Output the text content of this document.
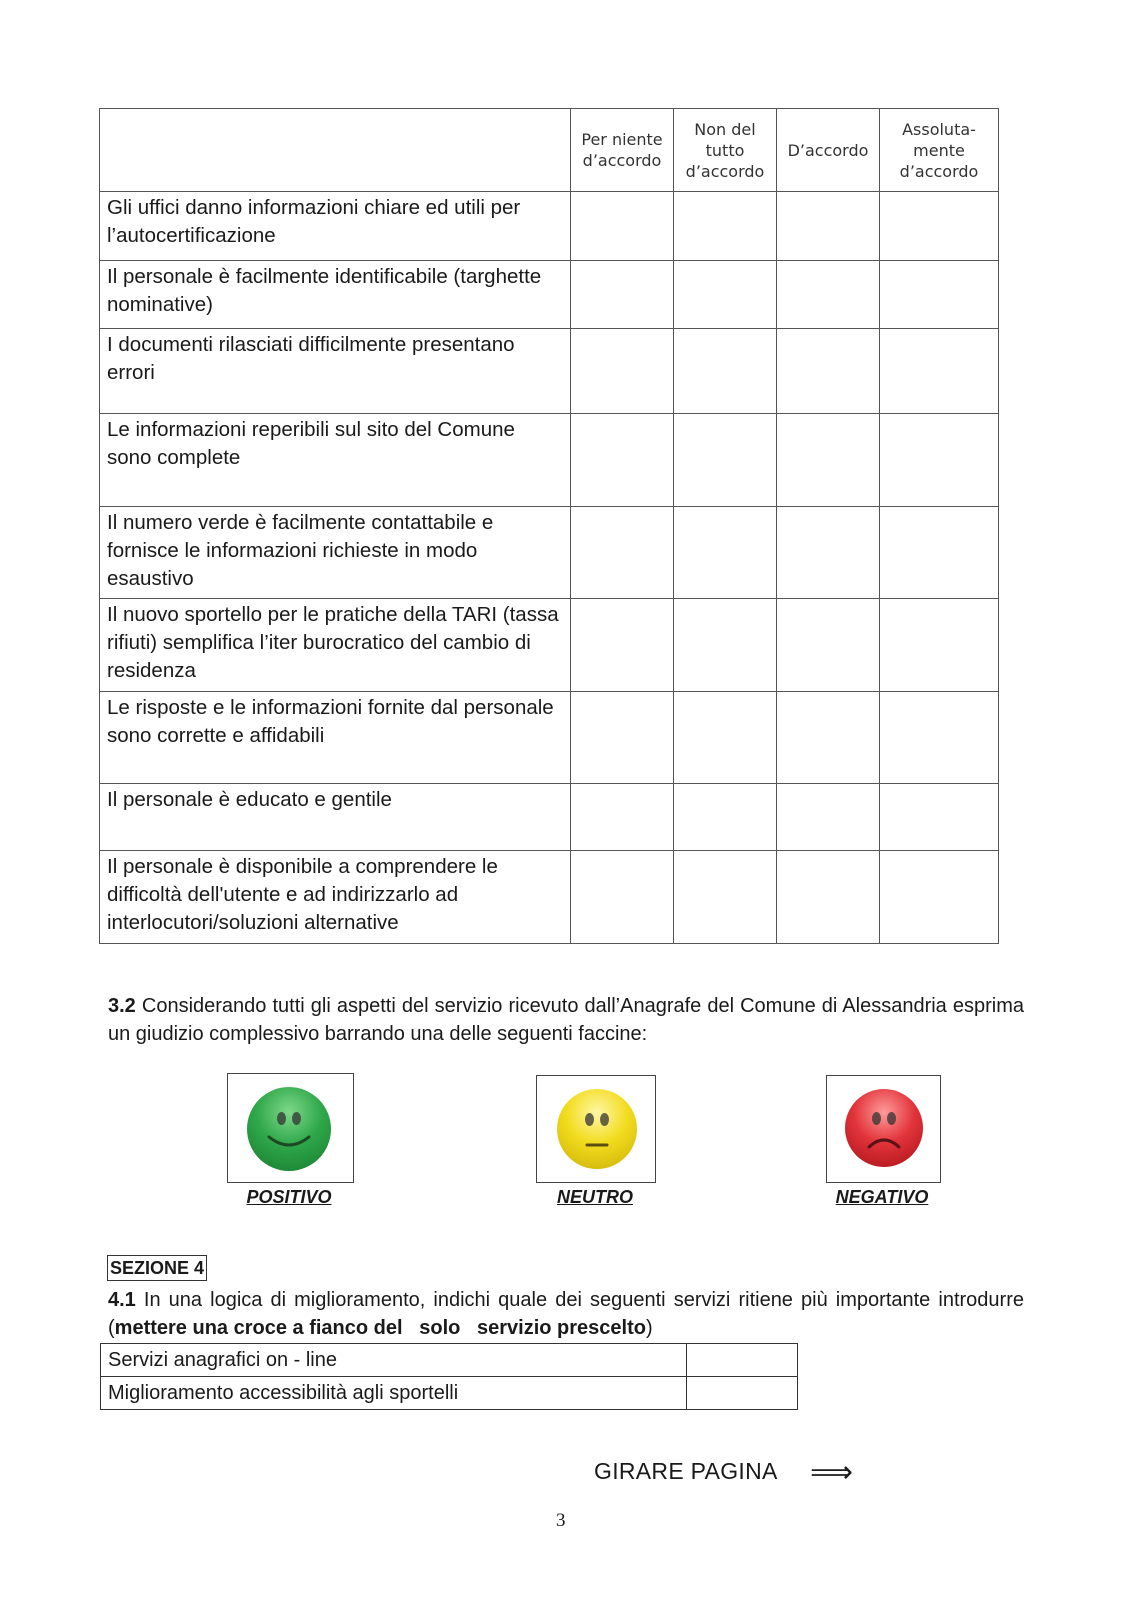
	Per niente
d’accordo	Non del
tutto
d’accordo	D’accordo	Assoluta-
mente
d’accordo

Gli uffici danno informazioni chiare ed utili per l’autocertificazione				
Il personale è facilmente identificabile (targhette nominative)				
I documenti rilasciati difficilmente presentano errori				
Le informazioni reperibili sul sito del Comune sono complete				
Il numero verde è facilmente contattabile e fornisce le informazioni richieste in modo esaustivo				
Il nuovo sportello per le pratiche della TARI (tassa rifiuti) semplifica l’iter burocratico del cambio di residenza				
Le risposte e le informazioni fornite dal personale sono corrette e affidabili				
Il personale è educato e gentile				
Il personale è disponibile a comprendere le difficoltà dell'utente e ad indirizzarlo ad interlocutori/soluzioni alternative				
3.2 Considerando tutti gli aspetti del servizio ricevuto dall’Anagrafe del Comune di Alessandria esprima un giudizio complessivo barrando una delle seguenti faccine:
POSITIVO	NEUTRO	NEGATIVO
SEZIONE 4
4.1 In una logica di miglioramento, indichi quale dei seguenti servizi ritiene più importante introdurre (mettere una croce a fianco del   solo   servizio prescelto)
Servizi anagrafici on - line	
Miglioramento accessibilità agli sportelli	
GIRARE PAGINA ⟹
3
